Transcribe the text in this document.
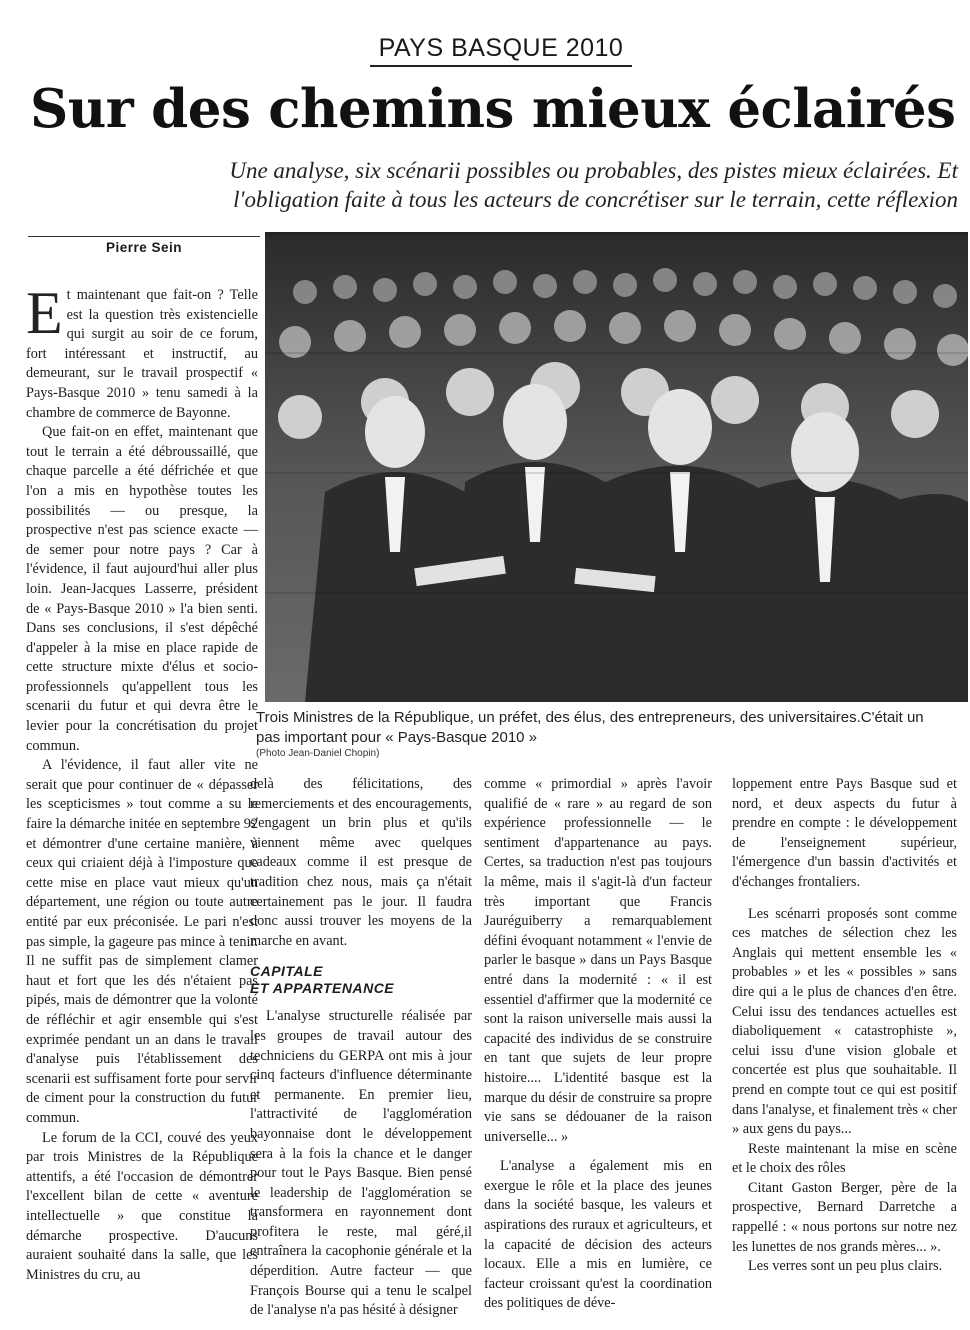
PAYS BASQUE 2010
Sur des chemins mieux éclairés
Une analyse, six scénarii possibles ou probables, des pistes mieux éclairées. Et
l'obligation faite à tous les acteurs de concrétiser sur le terrain, cette réflexion
Pierre Sein

Et maintenant que fait-on ? Telle est la question très existencielle qui surgit au soir de ce forum, fort intéressant et instructif, au demeurant, sur le travail prospectif « Pays-Basque 2010 » tenu samedi à la chambre de commerce de Bayonne.

Que fait-on en effet, maintenant que tout le terrain a été débroussaillé, que chaque parcelle a été défrichée et que l'on a mis en hypothèse toutes les possibilités — ou presque, la prospective n'est pas science exacte — de semer pour notre pays ? Car à l'évidence, il faut aujourd'hui aller plus loin. Jean-Jacques Lasserre, président de « Pays-Basque 2010 » l'a bien senti. Dans ses conclusions, il s'est dépêché d'appeler à la mise en place rapide de cette structure mixte d'élus et socio-professionnels qu'appellent tous les scenarii du futur et qui devra être le levier pour la concrétisation du projet commun.

A l'évidence, il faut aller vite ne serait que pour continuer de « dépasser les scepticismes » tout comme a su le faire la démarche initée en septembre 92 et démontrer d'une certaine manière, à ceux qui criaient déjà à l'imposture que cette mise en place vaut mieux qu'un département, une région ou toute autre entité par eux préconisée. Le pari n'est pas simple, la gageure pas mince à tenir. Il ne suffit pas de simplement clamer haut et fort que les dés n'étaient pas pipés, mais de démontrer que la volonté de réfléchir et agir ensemble qui s'est exprimée pendant un an dans le travail d'analyse puis l'établissement des scenarii est suffisament forte pour servir de ciment pour la construction du futur commun.

Le forum de la CCI, couvé des yeux par trois Ministres de la République attentifs, a été l'occasion de démontrer l'excellent bilan de cette « aventure intellectuelle » que constitue la démarche prospective. D'aucuns auraient souhaité dans la salle, que les Ministres du cru, au

Trois Ministres de la République, un préfet, des élus, des entrepreneurs, des universitaires.C'était un pas important pour « Pays-Basque 2010 »
(Photo Jean-Daniel Chopin)

delà des félicitations, des remerciements et des encouragements, s'engagent un brin plus et qu'ils viennent même avec quelques cadeaux comme il est presque de tradition chez nous, mais ça n'était certainement pas le jour. Il faudra donc aussi trouver les moyens de la marche en avant.

CAPITALE
ET APPARTENANCE

L'analyse structurelle réalisée par les groupes de travail autour des techniciens du GERPA ont mis à jour cinq facteurs d'influence déterminante et permanente. En premier lieu, l'attractivité de l'agglomération bayonnaise dont le développement sera à la fois la chance et le danger pour tout le Pays Basque. Bien pensé le leadership de l'agglomération se transformera en rayonnement dont profitera le reste, mal géré,il entraînera la cacophonie générale et la déperdition. Autre facteur — que François Bourse qui a tenu le scalpel de l'analyse n'a pas hésité à désigner

comme « primordial » après l'avoir qualifié de « rare » au regard de son expérience professionnelle — le sentiment d'appartenance au pays. Certes, sa traduction n'est pas toujours la même, mais il s'agit-là d'un facteur très important que Francis Jauréguiberry a remarquablement défini évoquant notamment « l'envie de parler le basque » dans un Pays Basque entré dans la modernité : « il est essentiel d'affirmer que la modernité ce sont la raison universelle mais aussi la capacité des individus de se construire en tant que sujets de leur propre histoire.... L'identité basque est la marque du désir de construire sa propre vie sans se dédouaner de la raison universelle... »

L'analyse a également mis en exergue le rôle et la place des jeunes dans la société basque, les valeurs et aspirations des ruraux et agriculteurs, et la capacité de décision des acteurs locaux. Elle a mis en lumière, ce facteur croissant qu'est la coordination des politiques de déve-

loppement entre Pays Basque sud et nord, et deux aspects du futur à prendre en compte : le développement de l'enseignement supérieur, l'émergence d'un bassin d'activités et d'échanges frontaliers.

Les scénarri proposés sont comme ces matches de sélection chez les Anglais qui mettent ensemble les « probables » et les « possibles » sans dire qui a le plus de chances d'en être. Celui issu des tendances actuelles est diaboliquement « catastrophiste », celui issu d'une vision globale et concertée est plus que souhaitable. Il prend en compte tout ce qui est positif dans l'analyse, et finalement très « cher » aux gens du pays...

Reste maintenant la mise en scène et le choix des rôles

Citant Gaston Berger, père de la prospective, Bernard Darretche a rappellé : « nous portons sur notre nez les lunettes de nos grands mères... ».

Les verres sont un peu plus clairs.
